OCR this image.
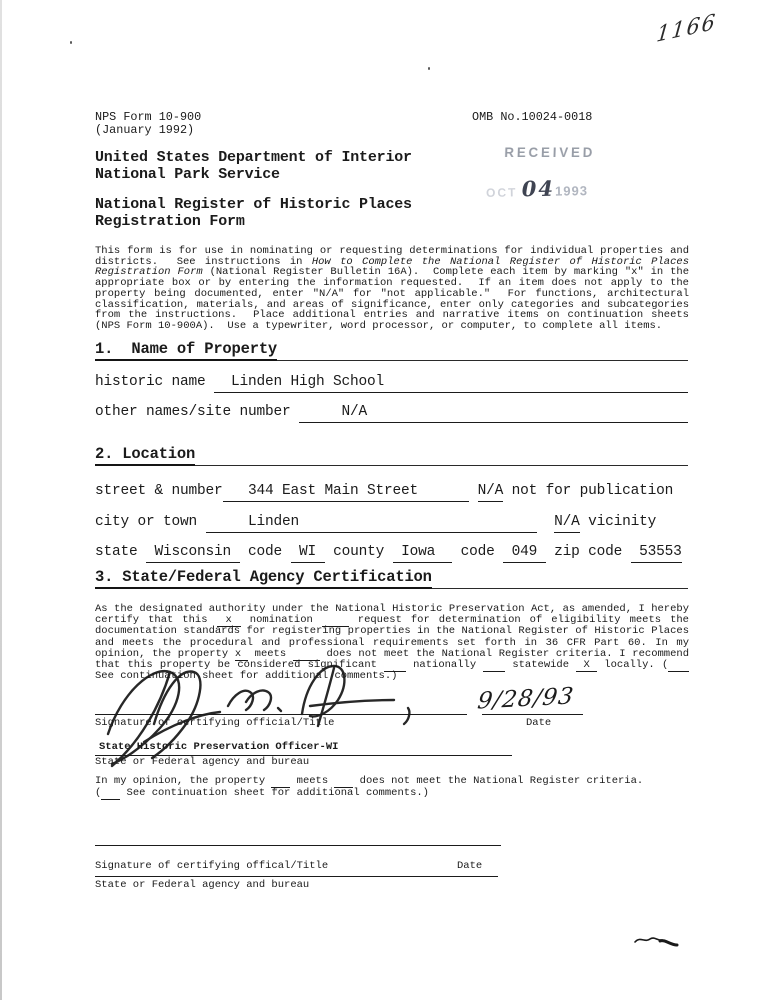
1166
NPS Form 10-900
(January 1992)
OMB No.10024-0018
United States Department of Interior
National Park Service
RECEIVED
OCT 041993
National Register of Historic Places
Registration Form

This form is for use in nominating or requesting determinations for individual properties and districts.  See instructions in How to Complete the National Register of Historic Places Registration Form (National Register Bulletin 16A).  Complete each item by marking "x" in the appropriate box or by entering the information requested.  If an item does not apply to the property being documented, enter "N/A" for "not applicable."  For functions, architectural classification, materials, and areas of significance, enter only categories and subcategories from the instructions.  Place additional entries and narrative items on continuation sheets (NPS Form 10-900A).  Use a typewriter, word processor, or computer, to complete all items.

1.  Name of Property
historic name Linden High School
other names/site number N/A
2. Location
street & number 344 East Main Street
N/A not for publication
city or town Linden
N/A vicinity
state Wisconsin code WI county Iowa code 049 zip code 53553
3. State/Federal Agency Certification

As the designated authority under the National Historic Preservation Act, as amended, I hereby certify that this  x  nomination	request for determination of eligibility meets the documentation standards for registering properties in the National Register of Historic Places and meets the procedural and professional requirements set forth in 36 CFR Part 60. In my opinion, the property x  meets	does not meet the National Register criteria. I recommend that this property be considered significant     nationally     statewide  X  locally. (    See continuation sheet for additional comments.)

9/28/93
Signature of certifying official/Title	Date
State Historic Preservation Officer-WI
State or Federal agency and bureau
In my opinion, the property     meets     does not meet the National Register criteria.
(    See continuation sheet for additional comments.)
Signature of certifying offical/Title	Date
State or Federal agency and bureau
